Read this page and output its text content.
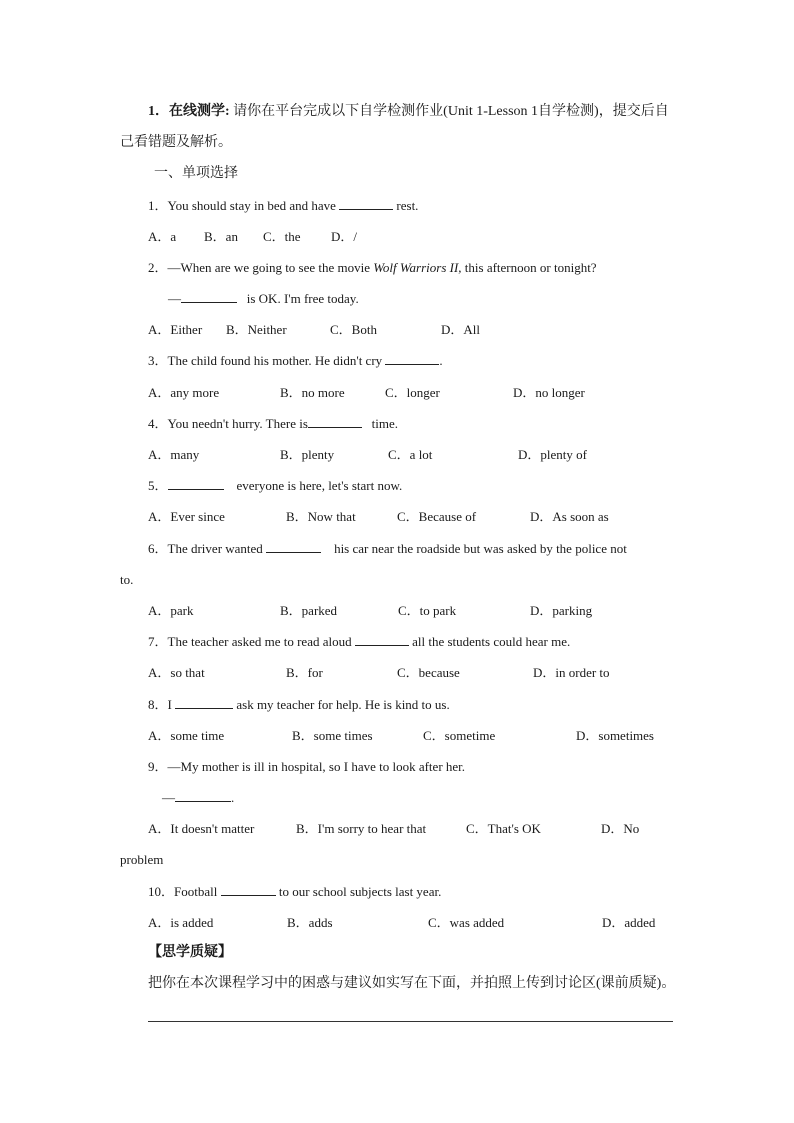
1．在线测学: 请你在平台完成以下自学检测作业(Unit 1-Lesson 1自学检测)，提交后自
己看错题及解析。
一、单项选择
1．You should stay in bed and have	rest.
A．a B．an C．the D．/
2．—When are we going to see the movie Wolf Warriors II, this afternoon or tonight?
—	is OK. I'm free today.
A．Either B．Neither	C．Both	D．All
3．The child found his mother. He didn't cry	.
A．any more	B．no more	C．longer	D．no longer
4．You needn't hurry. There is	time.
A．many	B．plenty	C．a lot	D．plenty of
5．	everyone is here, let's start now.
A．Ever since	B．Now that	C．Because of	D．As soon as
6．The driver wanted	his car near the roadside but was asked by the police not
to.
A．park	B．parked	C．to park	D．parking
7．The teacher asked me to read aloud	all the students could hear me.
A．so that	B．for	C．because	D．in order to
8．I	ask my teacher for help. He is kind to us.
A．some time	B．some times	C．sometime	D．sometimes
9．—My mother is ill in hospital, so I have to look after her.
—	.
A．It doesn't matter	B．I'm sorry to hear that	C．That's OK	D．No
problem
10．Football	to our school subjects last year.
A．is added	B．adds	C．was added	D．added
【思学质疑】
把你在本次课程学习中的困惑与建议如实写在下面，并拍照上传到讨论区(课前质疑)。
